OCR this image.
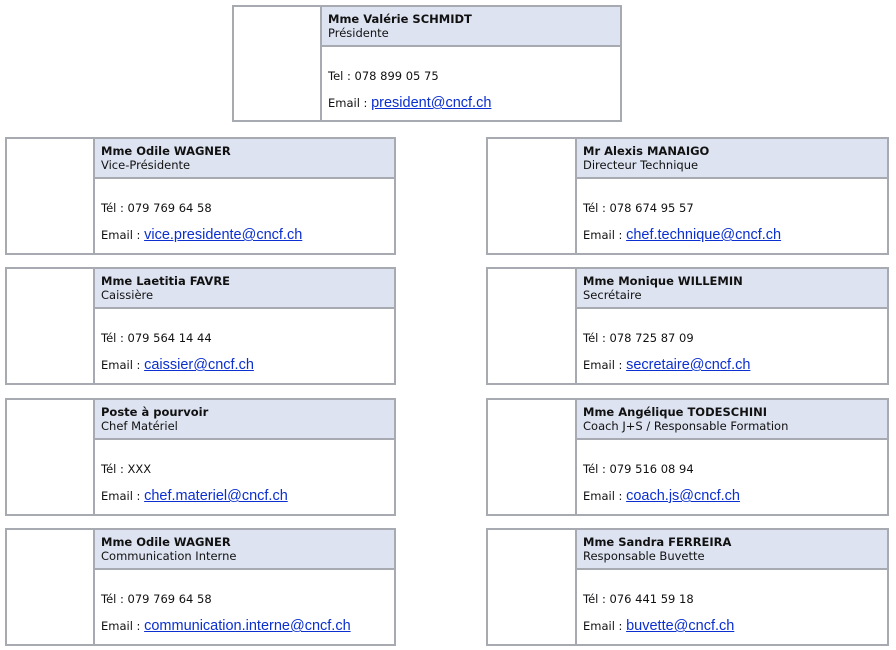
Mme Valérie SCHMIDT
Présidente
Tel : 078 899 05 75
Email : president@cncf.ch
Mme Odile WAGNER
Vice-Présidente
Tél : 079 769 64 58
Email : vice.presidente@cncf.ch
Mr Alexis MANAIGO
Directeur Technique
Tél : 078 674 95 57
Email : chef.technique@cncf.ch
Mme Laetitia FAVRE
Caissière
Tél : 079 564 14 44
Email : caissier@cncf.ch
Mme Monique WILLEMIN
Secrétaire
Tél : 078 725 87 09
Email : secretaire@cncf.ch
Poste à pourvoir
Chef Matériel
Tél : XXX
Email : chef.materiel@cncf.ch
Mme Angélique TODESCHINI
Coach J+S / Responsable Formation
Tél : 079 516 08 94
Email : coach.js@cncf.ch
Mme Odile WAGNER
Communication Interne
Tél : 079 769 64 58
Email : communication.interne@cncf.ch
Mme Sandra FERREIRA
Responsable Buvette
Tél : 076 441 59 18
Email : buvette@cncf.ch
